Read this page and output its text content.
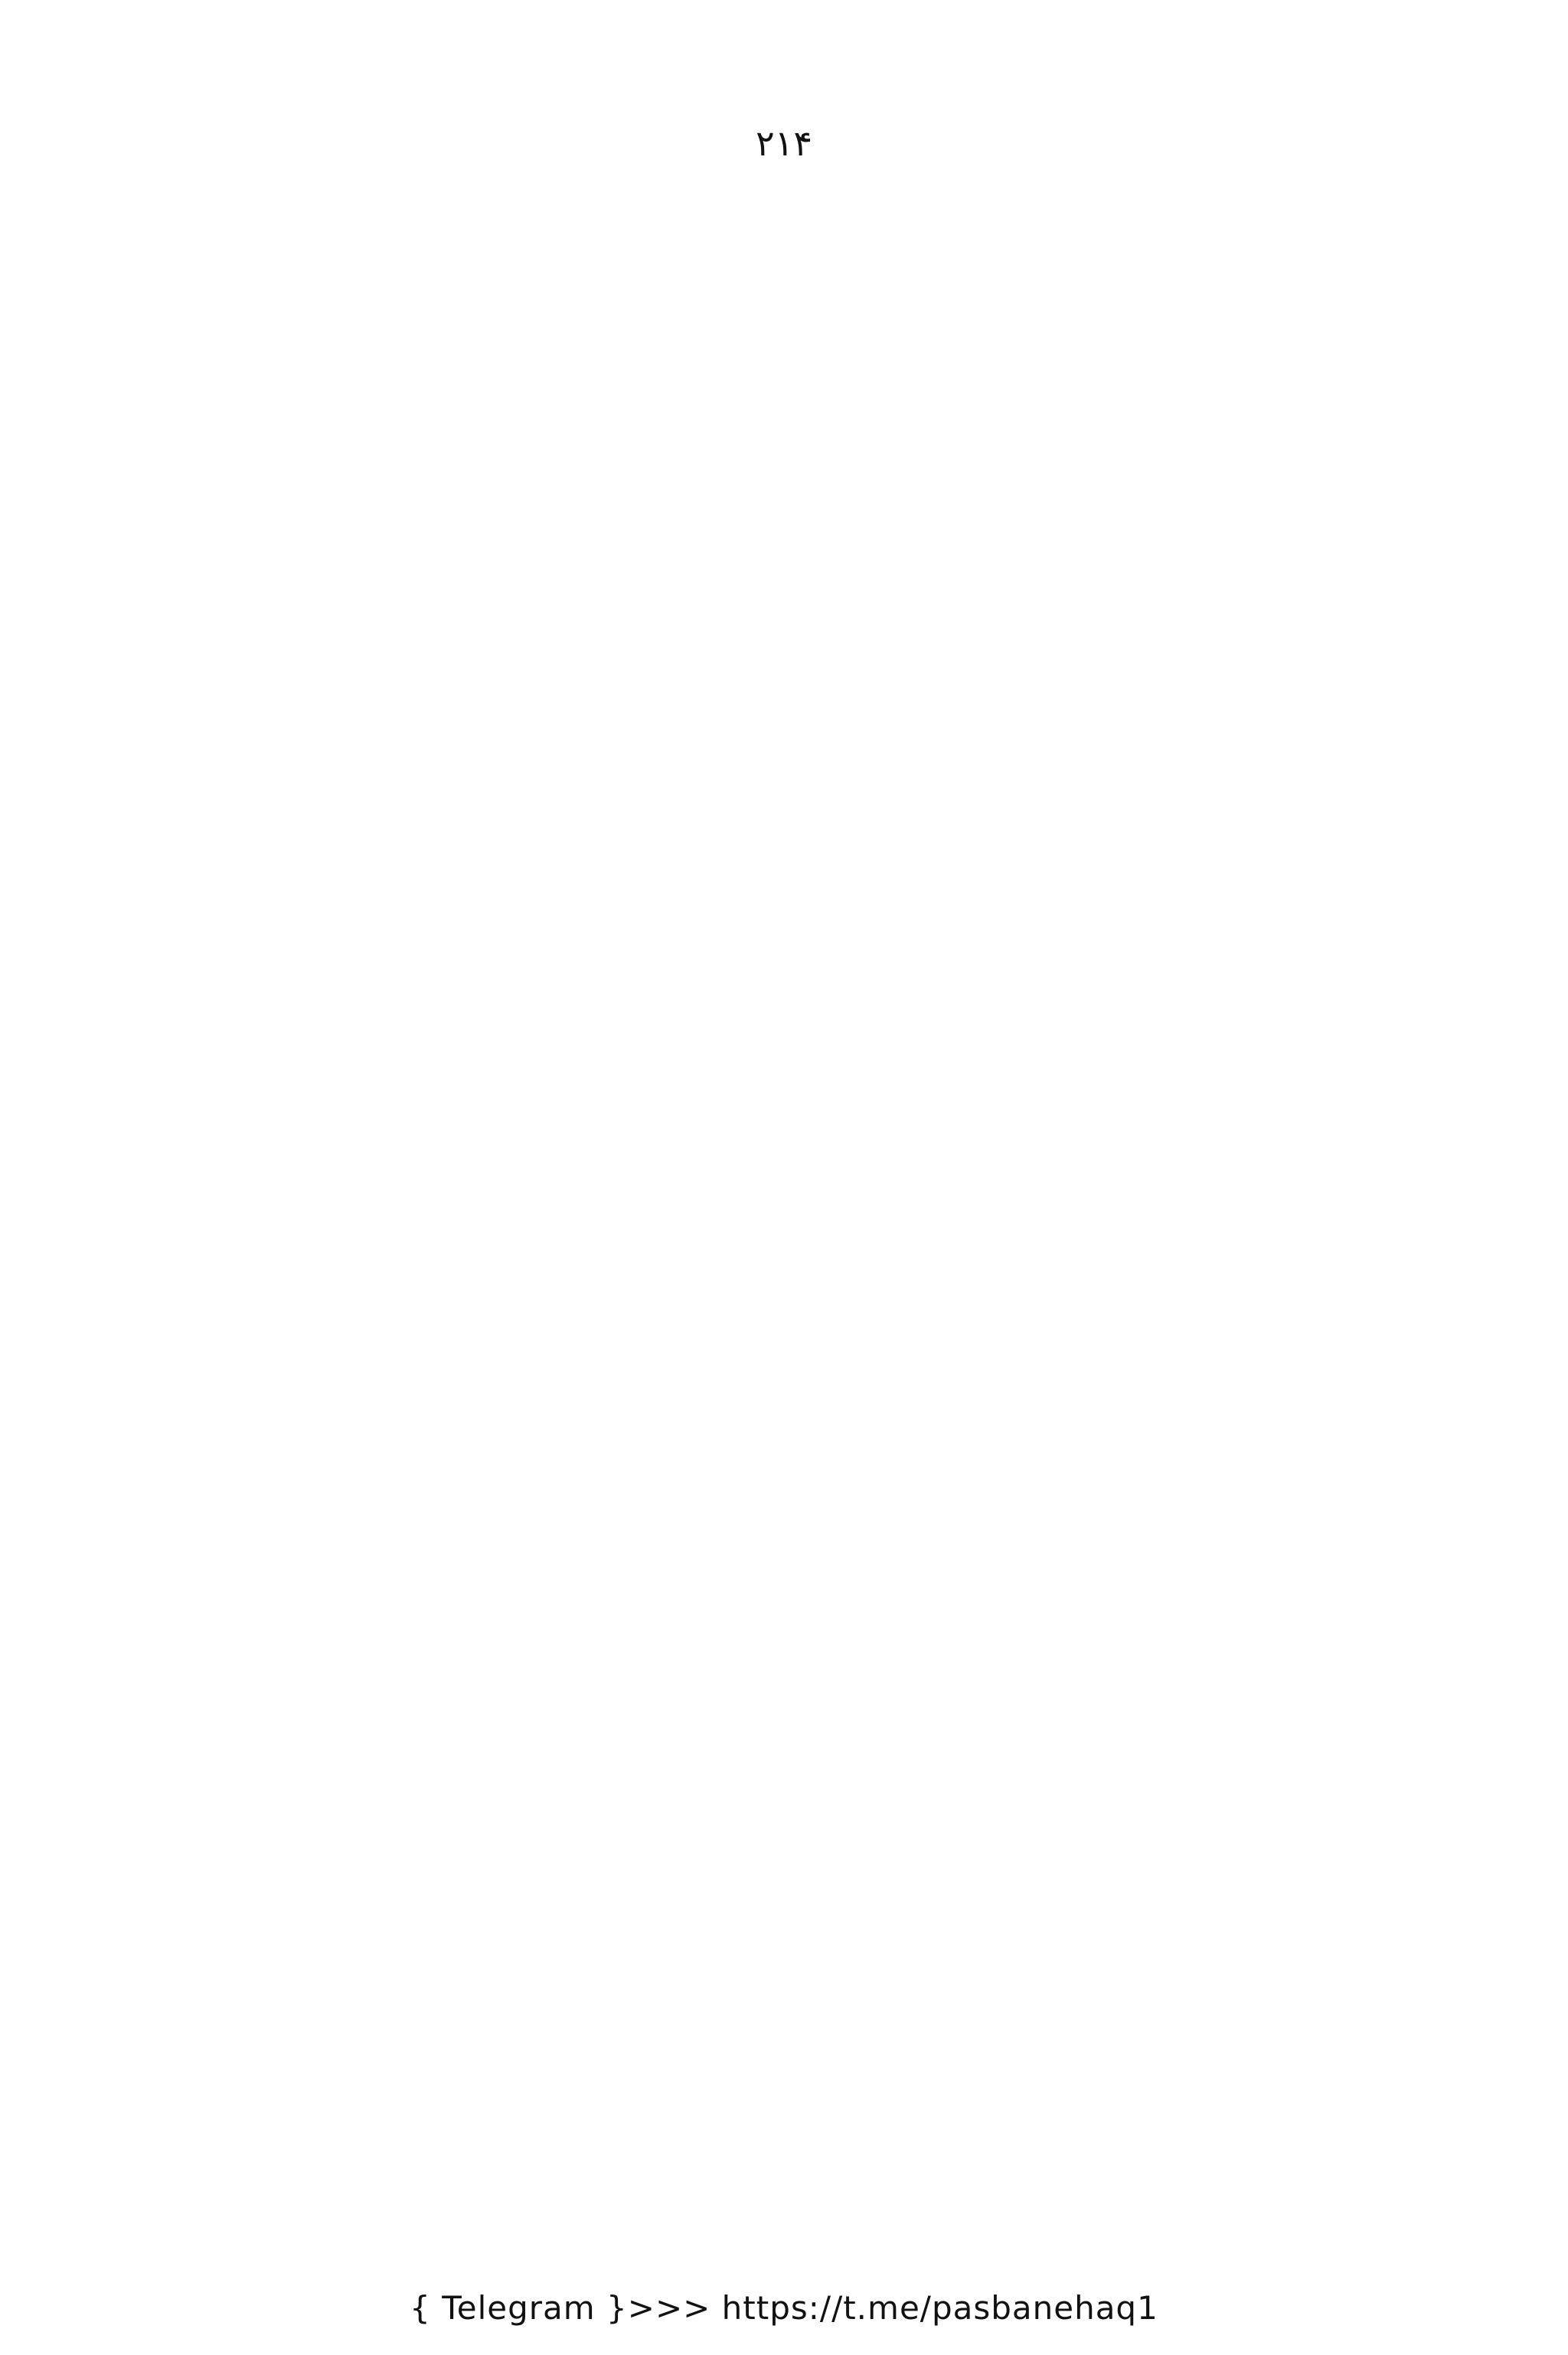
۲۱۴
{ Telegram }>>> https://t.me/pasbanehaq1
